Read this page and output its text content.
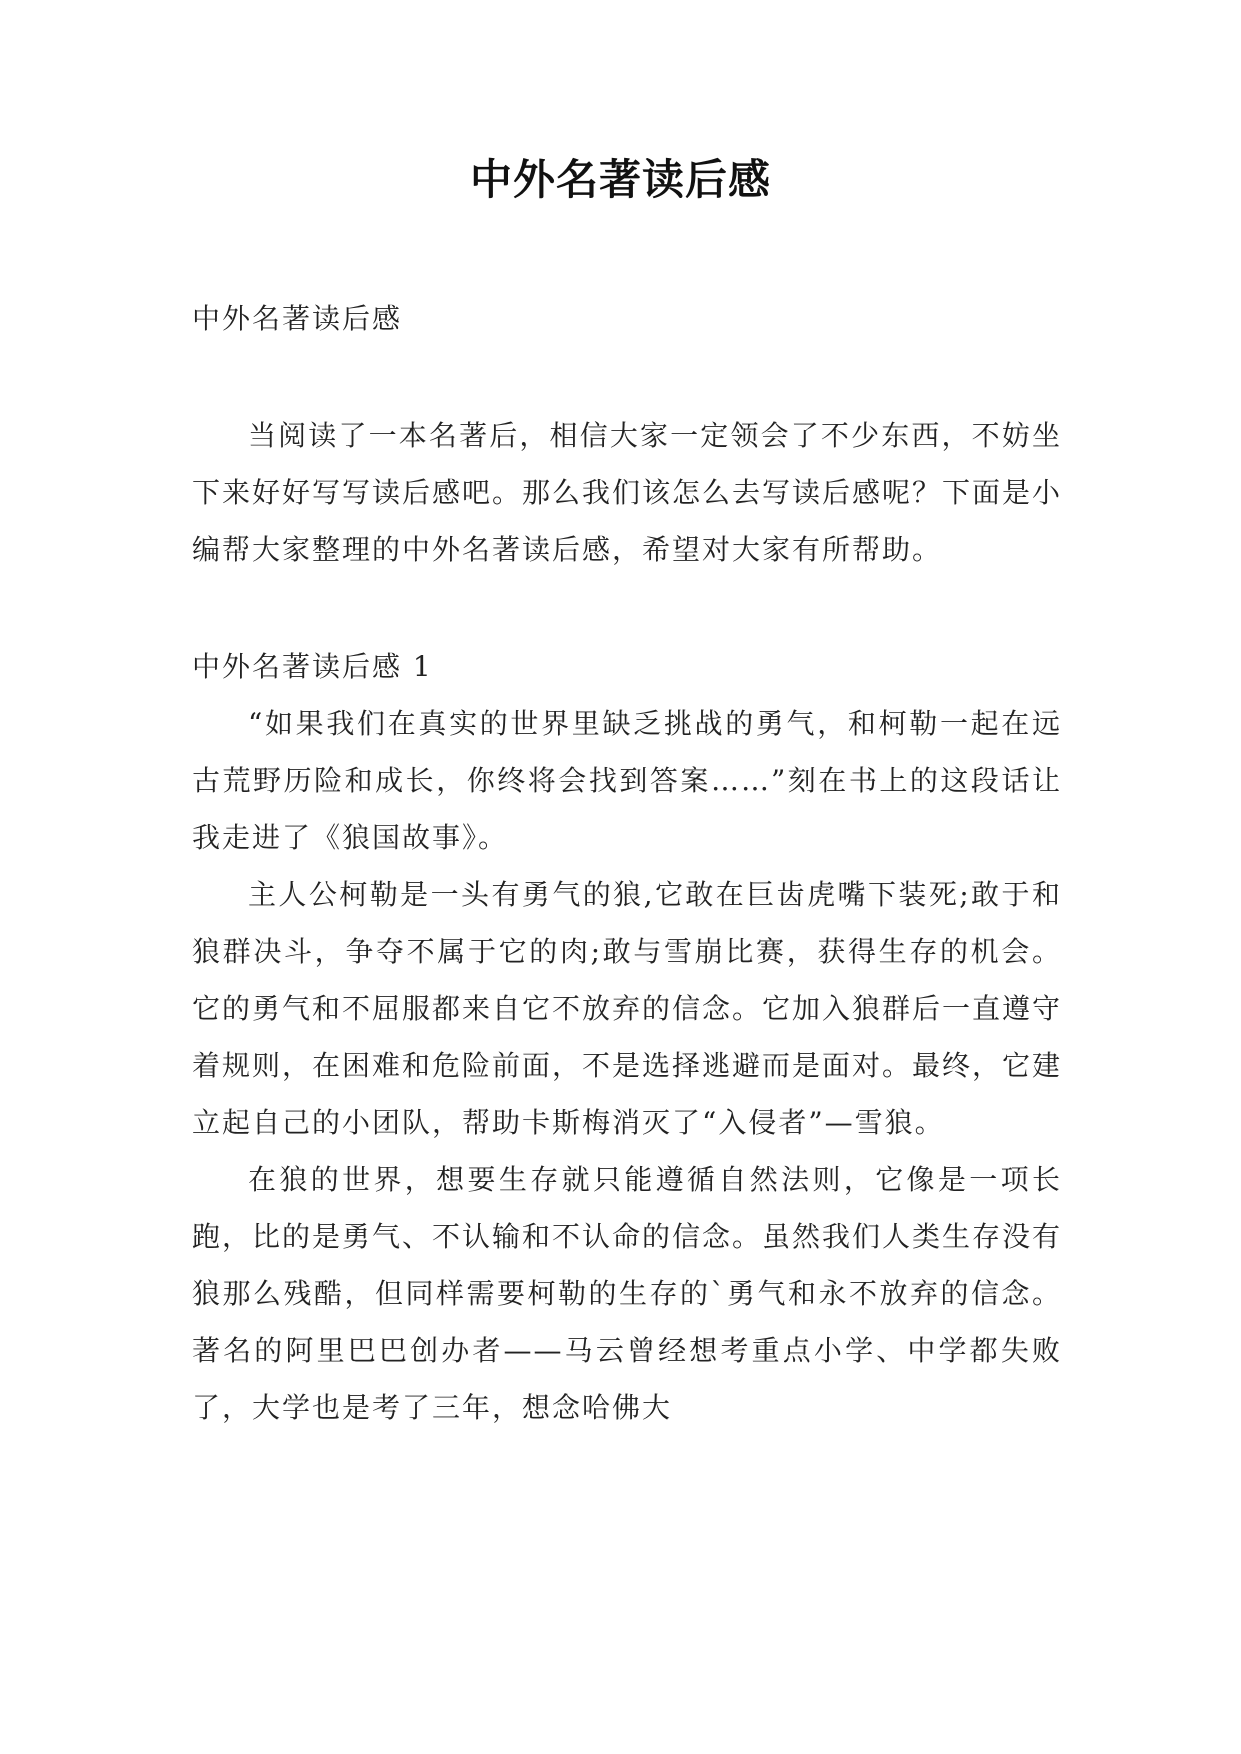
中外名著读后感

中外名著读后感

当阅读了一本名著后，相信大家一定领会了不少东西，不妨坐下来好好写写读后感吧。那么我们该怎么去写读后感呢？下面是小编帮大家整理的中外名著读后感，希望对大家有所帮助。

中外名著读后感 1

“如果我们在真实的世界里缺乏挑战的勇气，和柯勒一起在远古荒野历险和成长，你终将会找到答案……”刻在书上的这段话让我走进了《狼国故事》。

主人公柯勒是一头有勇气的狼,它敢在巨齿虎嘴下装死;敢于和狼群决斗，争夺不属于它的肉;敢与雪崩比赛，获得生存的机会。它的勇气和不屈服都来自它不放弃的信念。它加入狼群后一直遵守着规则，在困难和危险前面，不是选择逃避而是面对。最终，它建立起自己的小团队，帮助卡斯梅消灭了“入侵者”—雪狼。

在狼的世界，想要生存就只能遵循自然法则，它像是一项长跑，比的是勇气、不认输和不认命的信念。虽然我们人类生存没有狼那么残酷，但同样需要柯勒的生存的`勇气和永不放弃的信念。著名的阿里巴巴创办者——马云曾经想考重点小学、中学都失败了，大学也是考了三年，想念哈佛大
